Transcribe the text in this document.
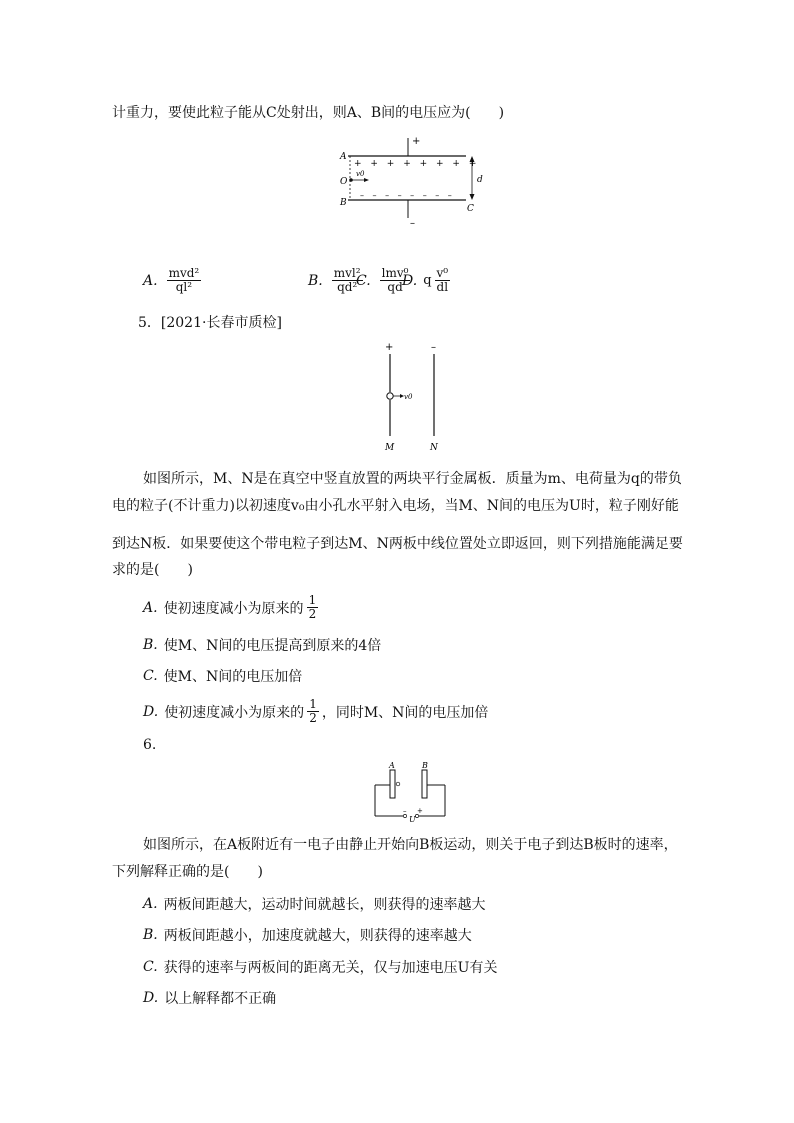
计重力，要使此粒子能从C处射出，则A、B间的电压应为(　　)
+
–
A
O
B
C
d
v0
+ + + + + + + +
– – – – – – – –
A. $\frac{\text{mvd²}}{\text{ql²}}$	B. $\frac{\text{mvl²}}{\text{qd²}}$
C. $\frac{\text{lmv⁰}}{qd}$
D. q $\frac{\text{v⁰}}{dl}$
5．[2021·长春市质检]
+	–
v0
M	N
如图所示，M、N是在真空中竖直放置的两块平行金属板．质量为m、电荷量为q的带负
电的粒子(不计重力)以初速度v₀由小孔水平射入电场，当M、N间的电压为U时，粒子刚好能
到达N板．如果要使这个带电粒子到达M、N两板中线位置处立即返回，则下列措施能满足要
求的是(　　)
A. 使初速度减小为原来的 $\frac{1}{2}$
B. 使M、N间的电压提高到原来的4倍
C. 使M、N间的电压加倍
D. 使初速度减小为原来的 $\frac{1}{2}$ ，同时M、N间的电压加倍
6.
A	B
U
– +
如图所示，在A板附近有一电子由静止开始向B板运动，则关于电子到达B板时的速率，
下列解释正确的是(　　)
A. 两板间距越大，运动时间就越长，则获得的速率越大
B. 两板间距越小，加速度就越大，则获得的速率越大
C. 获得的速率与两板间的距离无关，仅与加速电压U有关
D. 以上解释都不正确
